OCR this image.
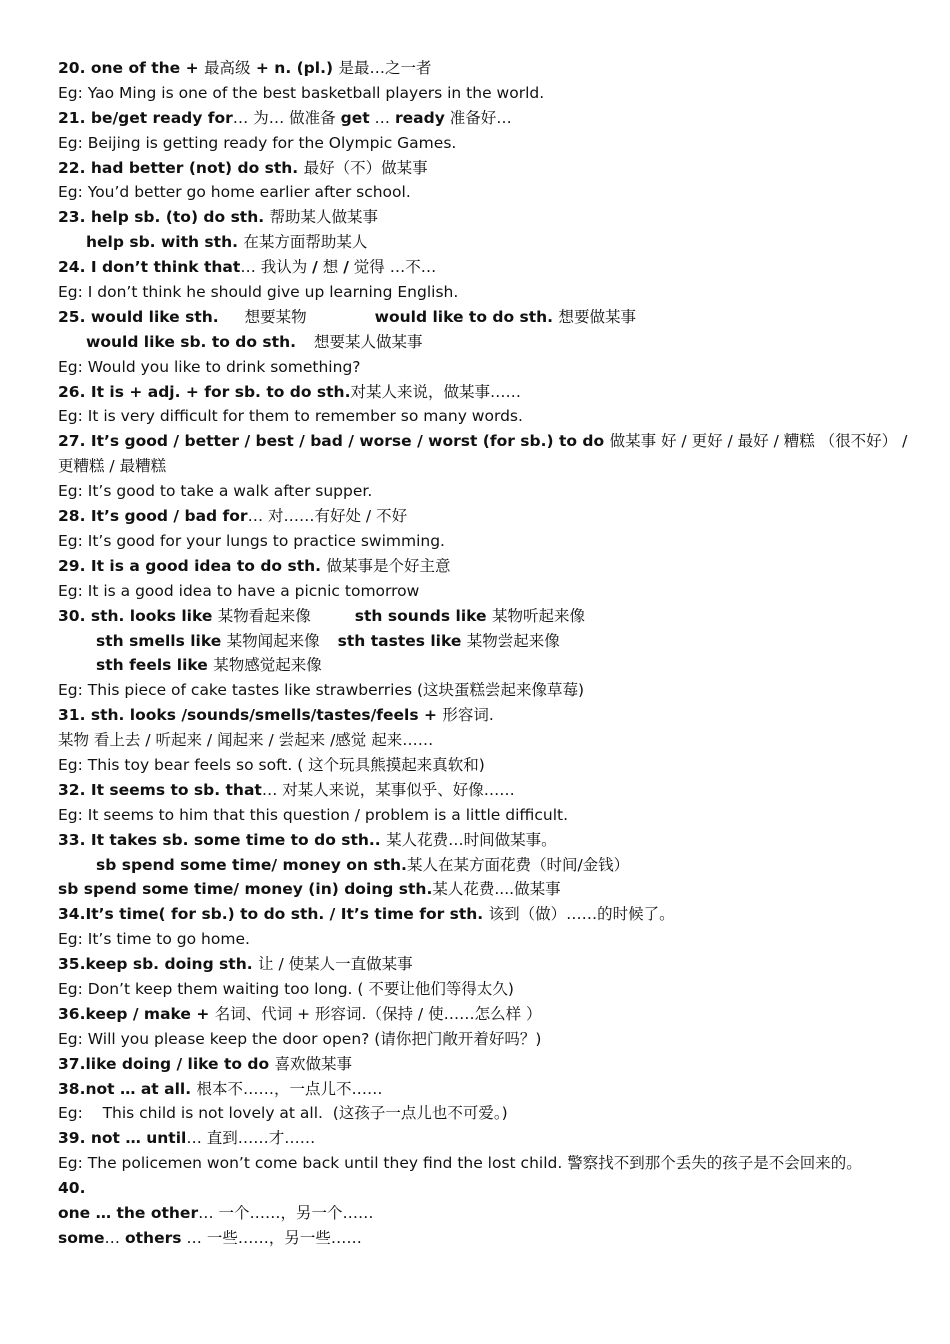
20. one of the + 最高级 + n. (pl.) 是最…之一者
Eg: Yao Ming is one of the best basketball players in the world.
21. be/get ready for… 为… 做准备 get … ready 准备好…
Eg: Beijing is getting ready for the Olympic Games.
22. had better (not) do sth. 最好（不）做某事
Eg: You’d better go home earlier after school.
23. help sb. (to) do sth. 帮助某人做某事
help sb. with sth. 在某方面帮助某人
24. I don’t think that… 我认为 / 想 / 觉得 …不…
Eg: I don’t think he should give up learning English.
25. would like sth. 想要某物	would like to do sth. 想要做某事
would like sb. to do sth. 想要某人做某事
Eg: Would you like to drink something?
26. It is + adj. + for sb. to do sth.对某人来说，做某事……
Eg: It is very difficult for them to remember so many words.
27. It’s good / better / best / bad / worse / worst (for sb.) to do 做某事 好 / 更好 / 最好 / 糟糕 （很不好） / 更糟糕 / 最糟糕
Eg: It’s good to take a walk after supper.
28. It’s good / bad for… 对……有好处 / 不好
Eg: It’s good for your lungs to practice swimming.
29. It is a good idea to do sth. 做某事是个好主意
Eg: It is a good idea to have a picnic tomorrow
30. sth. looks like 某物看起来像	sth sounds like 某物听起来像
sth smells like 某物闻起来像 sth tastes like 某物尝起来像
sth feels like 某物感觉起来像
Eg: This piece of cake tastes like strawberries (这块蛋糕尝起来像草莓)
31. sth. looks /sounds/smells/tastes/feels + 形容词.
某物 看上去 / 听起来 / 闻起来 / 尝起来 /感觉 起来……
Eg: This toy bear feels so soft. ( 这个玩具熊摸起来真软和)
32. It seems to sb. that… 对某人来说，某事似乎、好像……
Eg: It seems to him that this question / problem is a little difficult.
33. It takes sb. some time to do sth.. 某人花费…时间做某事。
sb spend some time/ money on sth.某人在某方面花费（时间/金钱）
sb spend some time/ money (in) doing sth.某人花费....做某事
34.It’s time( for sb.) to do sth. / It’s time for sth. 该到（做）……的时候了。
Eg: It’s time to go home.
35.keep sb. doing sth. 让 / 使某人一直做某事
Eg: Don’t keep them waiting too long. ( 不要让他们等得太久)
36.keep / make + 名词、代词 + 形容词.（保持 / 使……怎么样 ）
Eg: Will you please keep the door open? (请你把门敞开着好吗？)
37.like doing / like to do 喜欢做某事
38.not … at all. 根本不……，一点儿不……
Eg:    This child is not lovely at all.  (这孩子一点儿也不可爱。)
39. not … until… 直到……才……
Eg: The policemen won’t come back until they find the lost child. 警察找不到那个丢失的孩子是不会回来的。
40.
one … the other… 一个……，另一个……
some… others … 一些……，另一些……
